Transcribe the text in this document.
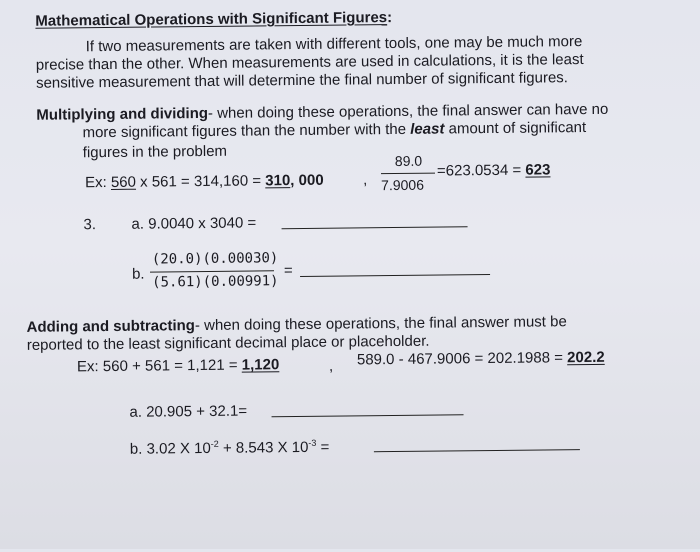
Mathematical Operations with Significant Figures:
If two measurements are taken with different tools, one may be much more
precise than the other. When measurements are used in calculations, it is the least
sensitive measurement that will determine the final number of significant figures.
Multiplying and dividing- when doing these operations, the final answer can have no
more significant figures than the number with the least amount of significant
figures in the problem
Ex: 560 x 561 = 314,160 = 310, 000	,
89.0
7.9006
=623.0534 = 623
3. a. 9.0040 x 3040 =
b.
(20.0)(0.00030)
(5.61)(0.00991)
=
Adding and subtracting- when doing these operations, the final answer must be
reported to the least significant decimal place or placeholder.
Ex: 560 + 561 = 1,121 = 1,120	, 589.0 - 467.9006 = 202.1988 = 202.2
a. 20.905 + 32.1=
b. 3.02 X $10^{-2} + 8.543$ X $10^{-3}$ =
